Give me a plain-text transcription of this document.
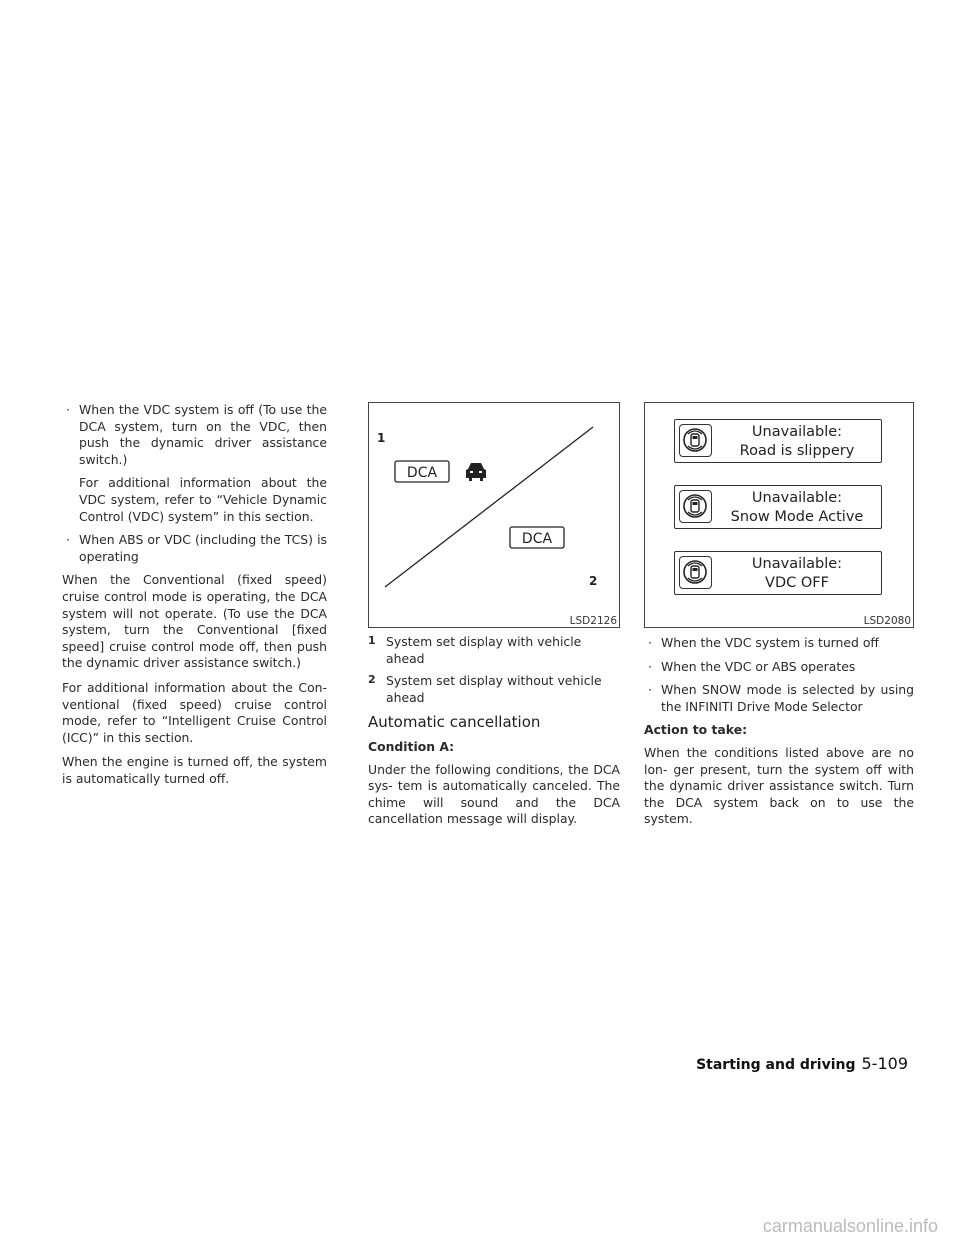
· When the VDC system is off (To use the DCA system, turn on the VDC, then push the dynamic driver assistance switch.)
For additional information about the VDC system, refer to “Vehicle Dynamic Control (VDC) system” in this section.
· When ABS or VDC (including the TCS) is operating

When the Conventional (fixed speed) cruise control mode is operating, the DCA system will not operate. (To use the DCA system, turn the Conventional [fixed speed] cruise control mode off, then push the dynamic driver assistance switch.)

For additional information about the Con- ventional (fixed speed) cruise control mode, refer to “Intelligent Cruise Control (ICC)” in this section.

When the engine is turned off, the system is automatically turned off.

1
DCA
DCA
2
LSD2126
1 System set display with vehicle ahead
2 System set display without vehicle ahead
Automatic cancellation
Condition A:

Under the following conditions, the DCA sys- tem is automatically canceled. The chime will sound and the DCA cancellation message will display.

Unavailable:
Road is slippery
Unavailable:
Snow Mode Active
Unavailable:
VDC OFF
LSD2080
· When the VDC system is turned off
· When the VDC or ABS operates
· When SNOW mode is selected by using the INFINITI Drive Mode Selector
Action to take:

When the conditions listed above are no lon- ger present, turn the system off with the dynamic driver assistance switch. Turn the DCA system back on to use the system.

Starting and driving 5-109
carmanualsonline.info
